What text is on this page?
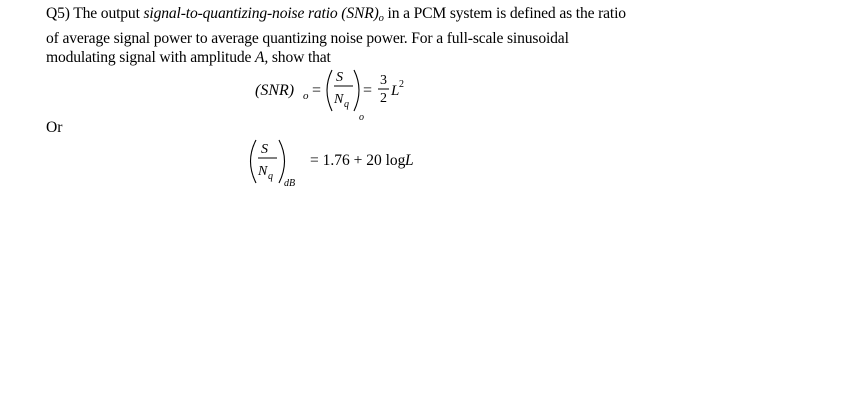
Q5) The output signal-to-quantizing-noise ratio $(SNR)_o$ in a PCM system is defined as the ratio of average signal power to average quantizing noise power. For a full-scale sinusoidal modulating signal with amplitude A, show that

(SNR) o =
S
N q
o
=
3
2 L 2
Or
S
N q
dB
= 1.76 + 20 log L
